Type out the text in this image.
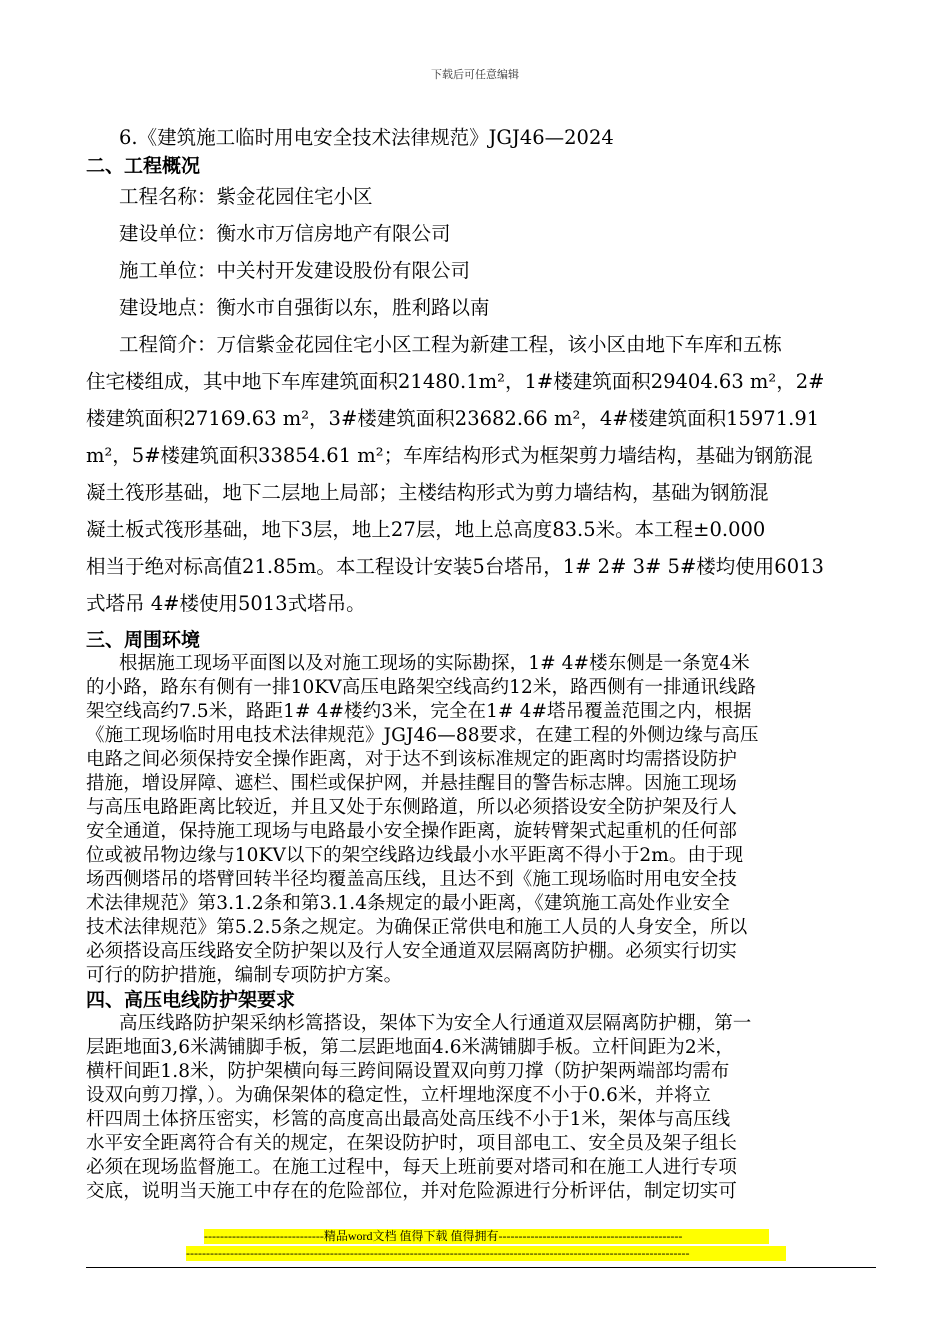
下载后可任意编辑
6.《建筑施工临时用电安全技术法律规范》JGJ46—2024
二、工程概况
工程名称：紫金花园住宅小区
建设单位：衡水市万信房地产有限公司
施工单位：中关村开发建设股份有限公司
建设地点：衡水市自强街以东，胜利路以南
工程简介：万信紫金花园住宅小区工程为新建工程，该小区由地下车库和五栋
住宅楼组成，其中地下车库建筑面积21480.1m²，1#楼建筑面积29404.63 m²，2#
楼建筑面积27169.63 m²，3#楼建筑面积23682.66 m²，4#楼建筑面积15971.91
m²，5#楼建筑面积33854.61 m²；车库结构形式为框架剪力墙结构，基础为钢筋混
凝土筏形基础，地下二层地上局部；主楼结构形式为剪力墙结构，基础为钢筋混
凝土板式筏形基础，地下3层，地上27层，地上总高度83.5米。本工程±0.000
相当于绝对标高值21.85m。本工程设计安装5台塔吊，1# 2# 3# 5#楼均使用6013
式塔吊 4#楼使用5013式塔吊。
三、周围环境
根据施工现场平面图以及对施工现场的实际勘探，1# 4#楼东侧是一条宽4米
的小路，路东有侧有一排10KV高压电路架空线高约12米，路西侧有一排通讯线路
架空线高约7.5米，路距1# 4#楼约3米，完全在1# 4#塔吊覆盖范围之内，根据
《施工现场临时用电技术法律规范》JGJ46—88要求，在建工程的外侧边缘与高压
电路之间必须保持安全操作距离，对于达不到该标准规定的距离时均需搭设防护
措施，增设屏障、遮栏、围栏或保护网，并悬挂醒目的警告标志牌。因施工现场
与高压电路距离比较近，并且又处于东侧路道，所以必须搭设安全防护架及行人
安全通道，保持施工现场与电路最小安全操作距离，旋转臂架式起重机的任何部
位或被吊物边缘与10KV以下的架空线路边线最小水平距离不得小于2m。由于现
场西侧塔吊的塔臂回转半径均覆盖高压线，且达不到《施工现场临时用电安全技
术法律规范》第3.1.2条和第3.1.4条规定的最小距离，《建筑施工高处作业安全
技术法律规范》第5.2.5条之规定。为确保正常供电和施工人员的人身安全，所以
必须搭设高压线路安全防护架以及行人安全通道双层隔离防护棚。必须实行切实
可行的防护措施，编制专项防护方案。
四、高压电线防护架要求
高压线路防护架采纳杉篙搭设，架体下为安全人行通道双层隔离防护棚，第一
层距地面3,6米满铺脚手板，第二层距地面4.6米满铺脚手板。立杆间距为2米，
横杆间距1.8米，防护架横向每三跨间隔设置双向剪刀撑（防护架两端部均需布
设双向剪刀撑，）。为确保架体的稳定性，立杆埋地深度不小于0.6米，并将立
杆四周土体挤压密实，杉篙的高度高出最高处高压线不小于1米，架体与高压线
水平安全距离符合有关的规定，在架设防护时，项目部电工、安全员及架子组长
必须在现场监督施工。在施工过程中，每天上班前要对塔司和在施工人进行专项
交底，说明当天施工中存在的危险部位，并对危险源进行分析评估，制定切实可
------------------------------精品word文档 值得下载 值得拥有----------------------------------------------
------------------------------------------------------------------------------------------------------------------------------
